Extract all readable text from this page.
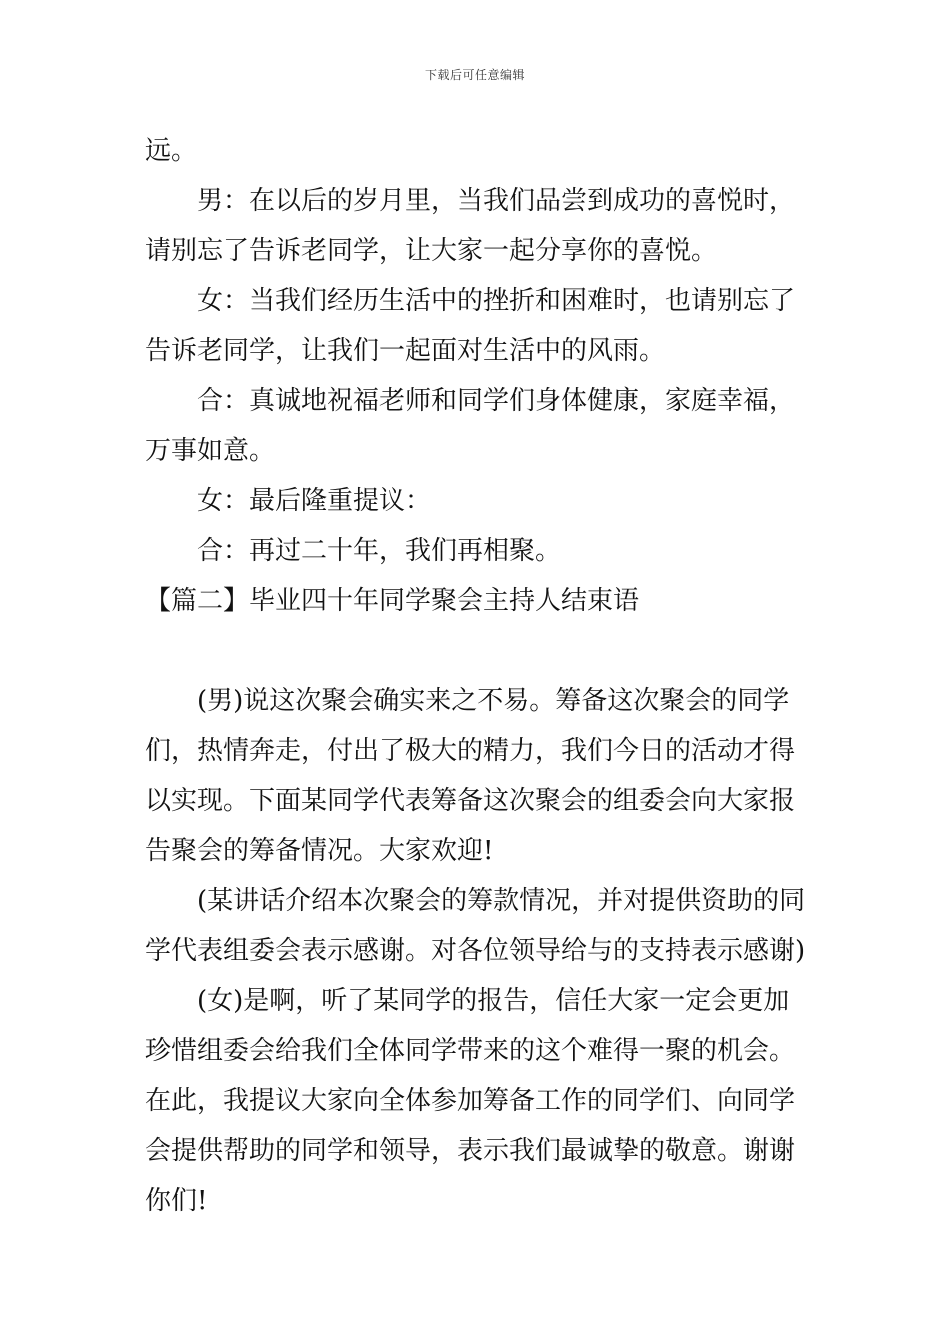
下载后可任意编辑
远。
男：在以后的岁月里，当我们品尝到成功的喜悦时，
请别忘了告诉老同学，让大家一起分享你的喜悦。
女：当我们经历生活中的挫折和困难时，也请别忘了
告诉老同学，让我们一起面对生活中的风雨。
合：真诚地祝福老师和同学们身体健康，家庭幸福，
万事如意。
女：最后隆重提议：
合：再过二十年，我们再相聚。
【篇二】毕业四十年同学聚会主持人结束语
(男)说这次聚会确实来之不易。筹备这次聚会的同学
们，热情奔走，付出了极大的精力，我们今日的活动才得
以实现。下面某同学代表筹备这次聚会的组委会向大家报
告聚会的筹备情况。大家欢迎!
(某讲话介绍本次聚会的筹款情况，并对提供资助的同
学代表组委会表示感谢。对各位领导给与的支持表示感谢)
(女)是啊，听了某同学的报告，信任大家一定会更加
珍惜组委会给我们全体同学带来的这个难得一聚的机会。
在此，我提议大家向全体参加筹备工作的同学们、向同学
会提供帮助的同学和领导，表示我们最诚挚的敬意。谢谢
你们!
